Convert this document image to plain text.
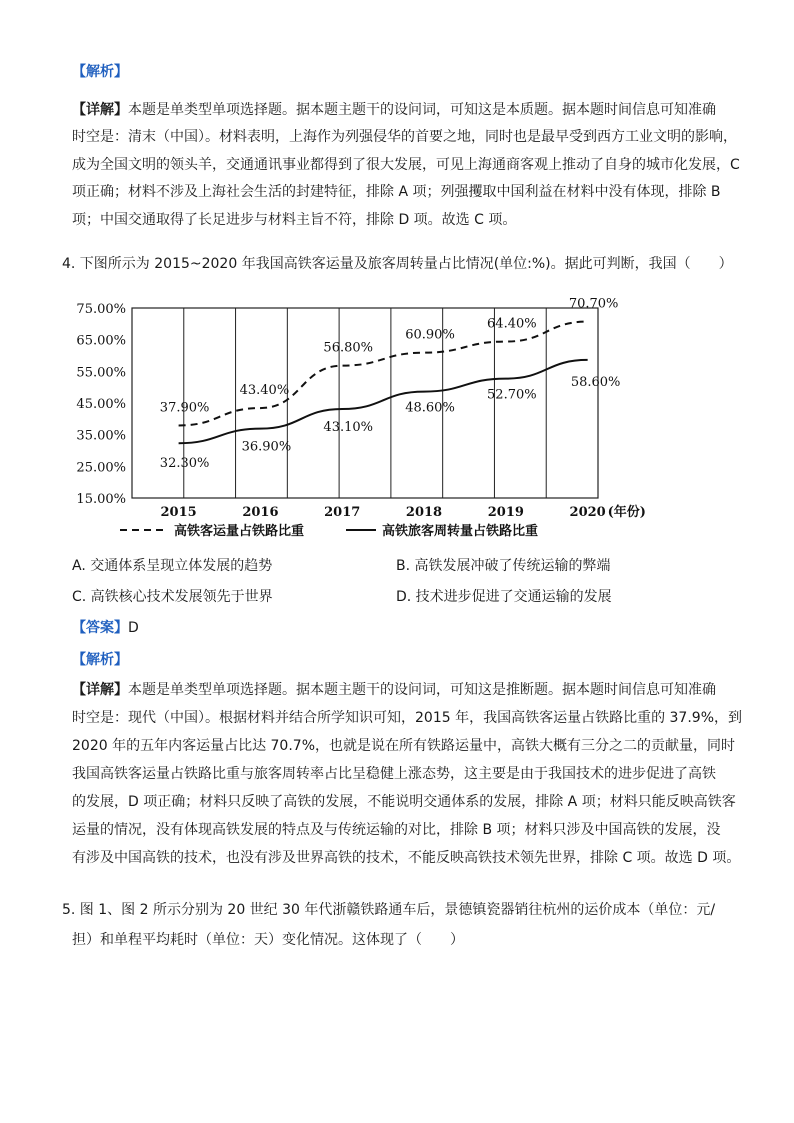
【解析】
【详解】本题是单类型单项选择题。据本题主题干的设问词，可知这是本质题。据本题时间信息可知准确
时空是：清末（中国）。材料表明，上海作为列强侵华的首要之地，同时也是最早受到西方工业文明的影响，
成为全国文明的领头羊，交通通讯事业都得到了很大发展，可见上海通商客观上推动了自身的城市化发展，C
项正确；材料不涉及上海社会生活的封建特征，排除 A 项；列强攫取中国利益在材料中没有体现，排除 B
项；中国交通取得了长足进步与材料主旨不符，排除 D 项。故选 C 项。
4. 下图所示为 2015~2020 年我国高铁客运量及旅客周转量占比情况(单位:%)。据此可判断，我国（　　）
75.00%
65.00%
55.00%
45.00%
35.00%
25.00%
15.00%
2015	2016	2017	2018	2019	2020 (年份)
37.90%
43.40%
56.80%
60.90%
64.40%
70.70%
32.30%
36.90%
43.10%
48.60%
52.70%
58.60%
高铁客运量占铁路比重	高铁旅客周转量占铁路比重
A. 交通体系呈现立体发展的趋势	B. 高铁发展冲破了传统运输的弊端
C. 高铁核心技术发展领先于世界	D. 技术进步促进了交通运输的发展
【答案】D
【解析】
【详解】本题是单类型单项选择题。据本题主题干的设问词，可知这是推断题。据本题时间信息可知准确
时空是：现代（中国）。根据材料并结合所学知识可知，2015 年，我国高铁客运量占铁路比重的 37.9%，到
2020 年的五年内客运量占比达 70.7%，也就是说在所有铁路运量中，高铁大概有三分之二的贡献量，同时
我国高铁客运量占铁路比重与旅客周转率占比呈稳健上涨态势，这主要是由于我国技术的进步促进了高铁
的发展，D 项正确；材料只反映了高铁的发展，不能说明交通体系的发展，排除 A 项；材料只能反映高铁客
运量的情况，没有体现高铁发展的特点及与传统运输的对比，排除 B 项；材料只涉及中国高铁的发展，没
有涉及中国高铁的技术，也没有涉及世界高铁的技术，不能反映高铁技术领先世界，排除 C 项。故选 D 项。
5. 图 1、图 2 所示分别为 20 世纪 30 年代浙赣铁路通车后，景德镇瓷器销往杭州的运价成本（单位：元/
担）和单程平均耗时（单位：天）变化情况。这体现了（　　）
